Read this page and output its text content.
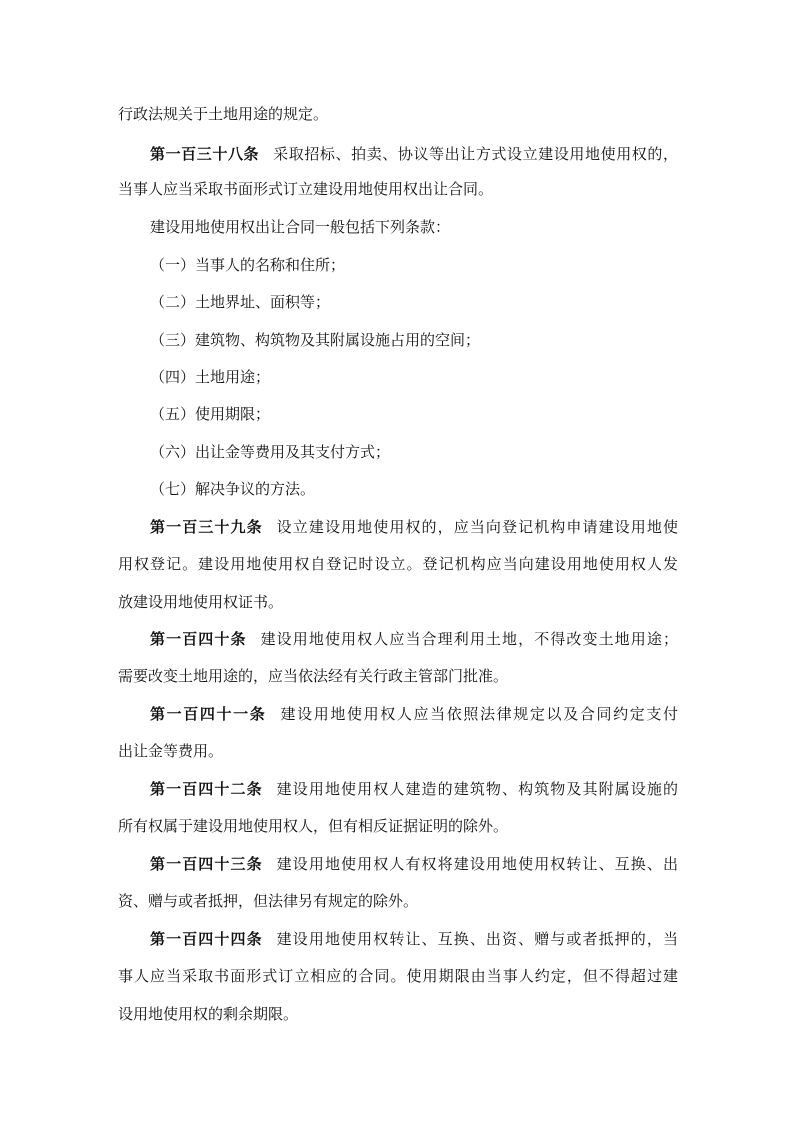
行政法规关于土地用途的规定。
第一百三十八条 采取招标、拍卖、协议等出让方式设立建设用地使用权的，
当事人应当采取书面形式订立建设用地使用权出让合同。
建设用地使用权出让合同一般包括下列条款：
（一）当事人的名称和住所；
（二）土地界址、面积等；
（三）建筑物、构筑物及其附属设施占用的空间；
（四）土地用途；
（五）使用期限；
（六）出让金等费用及其支付方式；
（七）解决争议的方法。
第一百三十九条 设立建设用地使用权的，应当向登记机构申请建设用地使
用权登记。建设用地使用权自登记时设立。登记机构应当向建设用地使用权人发
放建设用地使用权证书。
第一百四十条 建设用地使用权人应当合理利用土地，不得改变土地用途；
需要改变土地用途的，应当依法经有关行政主管部门批准。
第一百四十一条 建设用地使用权人应当依照法律规定以及合同约定支付
出让金等费用。
第一百四十二条 建设用地使用权人建造的建筑物、构筑物及其附属设施的
所有权属于建设用地使用权人，但有相反证据证明的除外。
第一百四十三条 建设用地使用权人有权将建设用地使用权转让、互换、出
资、赠与或者抵押，但法律另有规定的除外。
第一百四十四条 建设用地使用权转让、互换、出资、赠与或者抵押的，当
事人应当采取书面形式订立相应的合同。使用期限由当事人约定，但不得超过建
设用地使用权的剩余期限。
